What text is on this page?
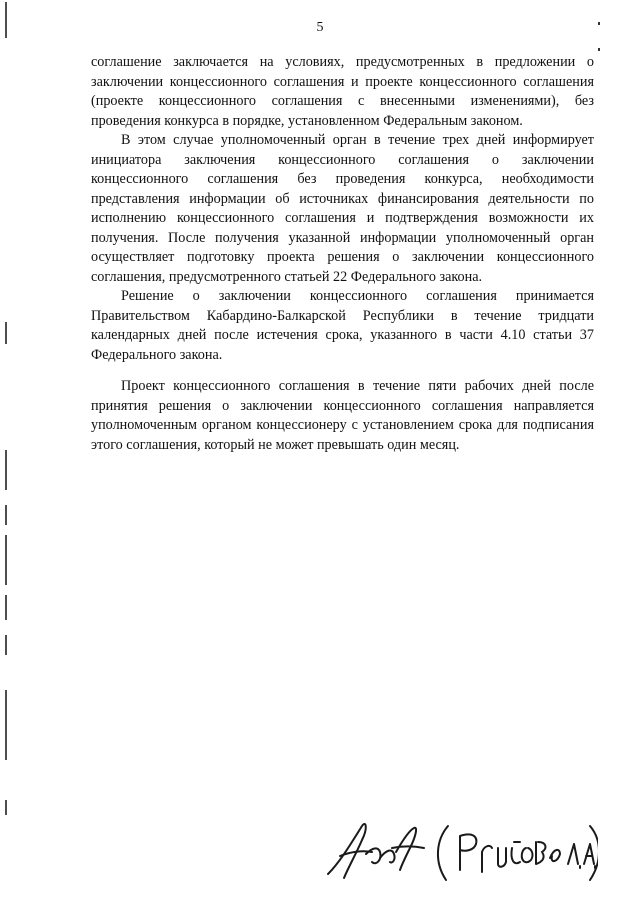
5

соглашение заключается на условиях, предусмотренных в предложении о заключении концессионного соглашения и проекте концессионного соглашения (проекте концессионного соглашения с внесенными изменениями), без проведения конкурса в порядке, установленном Федеральным законом.

В этом случае уполномоченный орган в течение трех дней информирует инициатора заключения концессионного соглашения о заключении концессионного соглашения без проведения конкурса, необходимости представления информации об источниках финансирования деятельности по исполнению концессионного соглашения и подтверждения возможности их получения. После получения указанной информации уполномоченный орган осуществляет подготовку проекта решения о заключении концессионного соглашения, предусмотренного статьей 22 Федерального закона.

Решение о заключении концессионного соглашения принимается Правительством Кабардино-Балкарской Республики в течение тридцати календарных дней после истечения срока, указанного в части 4.10 статьи 37 Федерального закона.

Проект концессионного соглашения в течение пяти рабочих дней после принятия решения о заключении концессионного соглашения направляется уполномоченным органом концессионеру с установлением срока для подписания этого соглашения, который не может превышать один месяц.
